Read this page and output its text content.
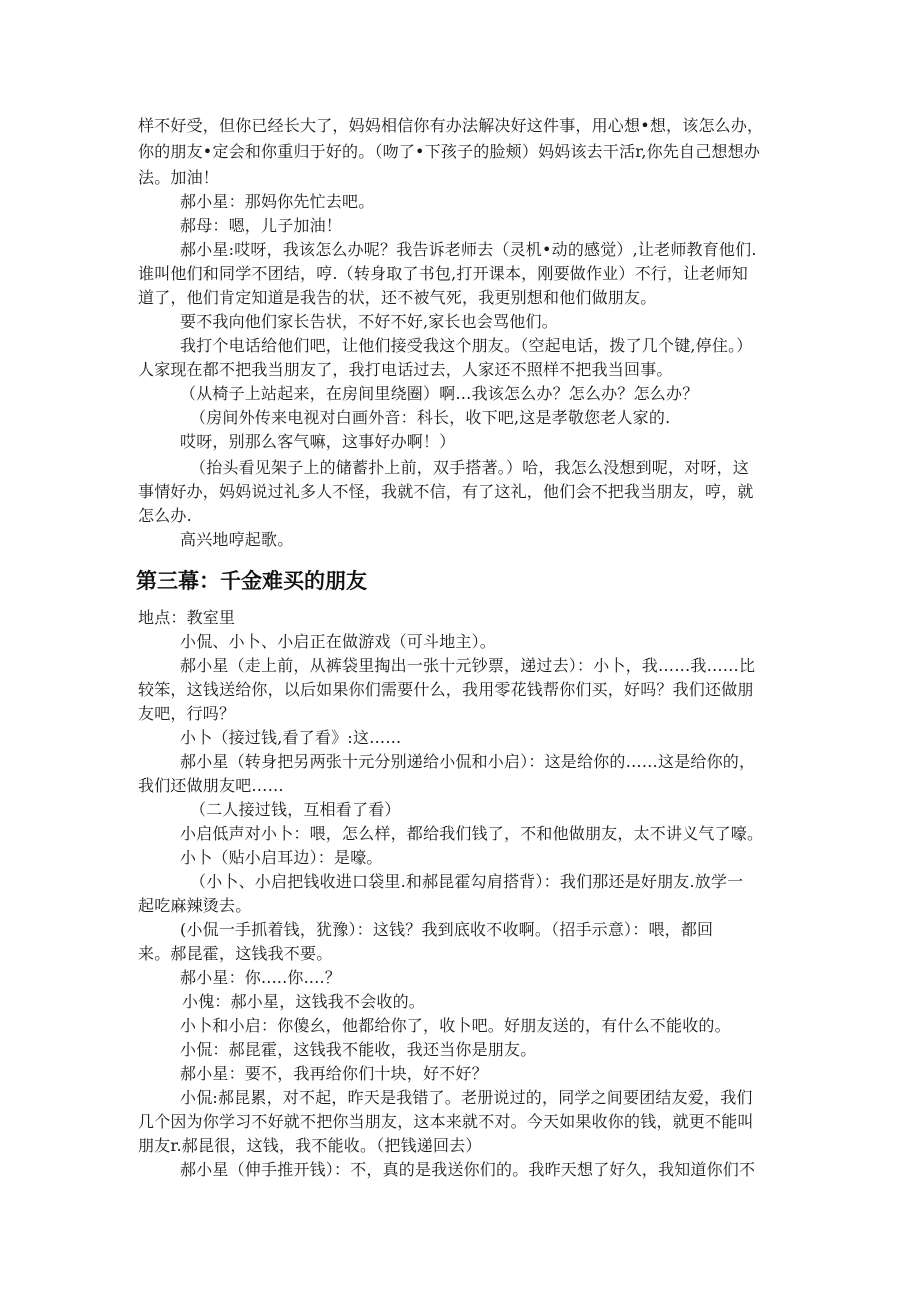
样不好受，但你已经长大了，妈妈相信你有办法解决好这件事，用心想•想，该怎么办，
你的朋友•定会和你重归于好的。（吻了•下孩子的脸颊）妈妈该去干活r,你先自己想想办
法。加油！
郝小星：那妈你先忙去吧。
郝母：嗯，儿子加油！
郝小星:哎呀，我该怎么办呢？我告诉老师去（灵机•动的感觉）,让老师教育他们.
谁叫他们和同学不团结，哼.（转身取了书包,打开课本，刚要做作业）不行，让老师知
道了，他们肯定知道是我告的状，还不被气死，我更别想和他们做朋友。
要不我向他们家长告状，不好不好,家长也会骂他们。
我打个电话给他们吧，让他们接受我这个朋友。（空起电话，拨了几个键,停住。）
人家现在都不把我当朋友了，我打电话过去，人家还不照样不把我当回事。
（从椅子上站起来，在房间里绕圈）啊…我该怎么办？怎么办？怎么办？
（房间外传来电视对白画外音：科长，收下吧,这是孝敬您老人家的.
哎呀，别那么客气嘛，这事好办啊！）
（抬头看见架子上的储蓄扑上前，双手搭著。）哈，我怎么没想到呢，对呀，这
事情好办，妈妈说过礼多人不怪，我就不信，有了这礼，他们会不把我当朋友，哼，就
怎么办.
高兴地哼起歌。
第三幕：千金难买的朋友
地点：教室里
小侃、小卜、小启正在做游戏（可斗地主）。
郝小星（走上前，从裤袋里掏出一张十元钞票，递过去）：小卜，我……我……比
较笨，这钱送给你，以后如果你们需要什么，我用零花钱帮你们买，好吗？我们还做朋
友吧，行吗？
小卜（接过钱,看了看》:这……
郝小星（转身把另两张十元分别递给小侃和小启）：这是给你的……这是给你的，
我们还做朋友吧……
（二人接过钱，互相看了看）
小启低声对小卜：喂，怎么样，都给我们钱了，不和他做朋友，太不讲义气了嚎。
小卜（贴小启耳边）：是嚎。
（小卜、小启把钱收进口袋里.和郝昆霍勾肩搭背）：我们那还是好朋友.放学一
起吃麻辣烫去。
(小侃一手抓着钱，犹豫）：这钱？我到底收不收啊。（招手示意）：喂，都回
来。郝昆霍，这钱我不要。
郝小星：你.....你....？
小傀：郝小星，这钱我不会收的。
小卜和小启：你傻幺，他都给你了，收卜吧。好朋友送的，有什么不能收的。
小侃：郝昆霍，这钱我不能收，我还当你是朋友。
郝小星：要不，我再给你们十块，好不好？
小侃:郝昆累，对不起，昨天是我错了。老册说过的，同学之间要团结友爱，我们
几个因为你学习不好就不把你当朋友，这本来就不对。今天如果收你的钱，就更不能叫
朋友r.郝昆很，这钱，我不能收。（把钱递回去）
郝小星（伸手推开钱）：不，真的是我送你们的。我昨天想了好久，我知道你们不
